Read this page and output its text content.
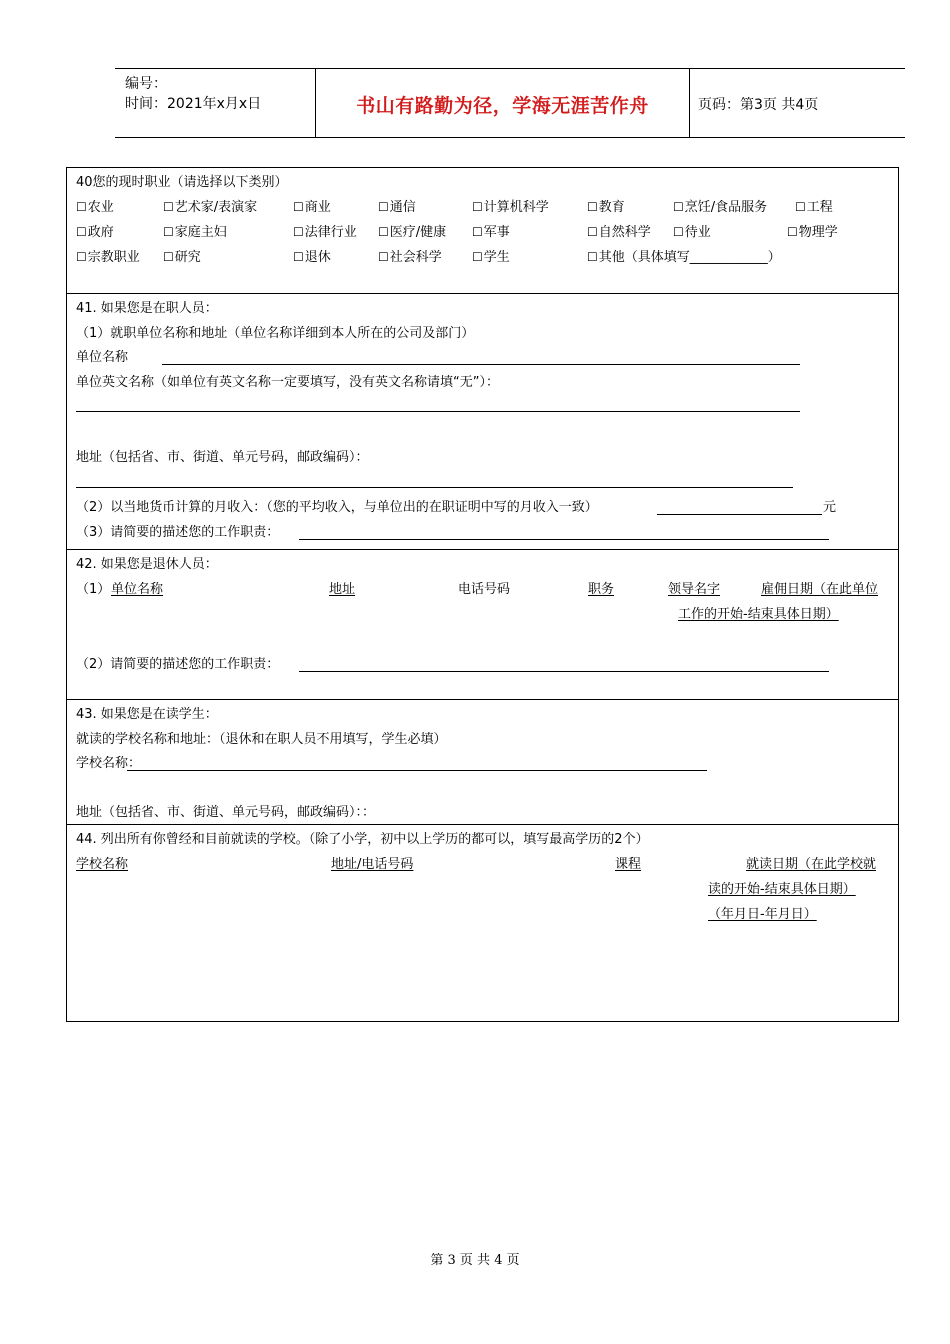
编号：
时间：2021年x月x日	书山有路勤为径，学海无涯苦作舟	页码：第3页 共4页
40您的现时职业（请选择以下类别）
☐农业	☐艺术家/表演家	☐商业	☐通信	☐计算机科学	☐教育	☐烹饪/食品服务 ☐工程
☐政府	☐家庭主妇	☐法律行业 ☐医疗/健康 ☐军事	☐自然科学 ☐待业	☐物理学
☐宗教职业 ☐研究	☐退休	☐社会科学	☐学生	☐其他（具体填写____________）
41. 如果您是在职人员：
（1）就职单位名称和地址（单位名称详细到本人所在的公司及部门）
单位名称
单位英文名称（如单位有英文名称一定要填写，没有英文名称请填“无”）：
地址（包括省、市、街道、单元号码，邮政编码）：
（2）以当地货币计算的月收入：（您的平均收入，与单位出的在职证明中写的月收入一致）	元
（3）请简要的描述您的工作职责：
42. 如果您是退休人员：
（1） 单位名称	地址	电话号码	职务	领导名字	雇佣日期（在此单位
工作的开始-结束具体日期）
（2）请简要的描述您的工作职责：
43. 如果您是在读学生：
就读的学校名称和地址：（退休和在职人员不用填写，学生必填）
学校名称：
地址（包括省、市、街道、单元号码，邮政编码）：：
44. 列出所有你曾经和目前就读的学校。（除了小学，初中以上学历的都可以，填写最高学历的2个）
学校名称	地址/电话号码	课程	就读日期（在此学校就
读的开始-结束具体日期）
（年月日-年月日）
第 3 页 共 4 页
